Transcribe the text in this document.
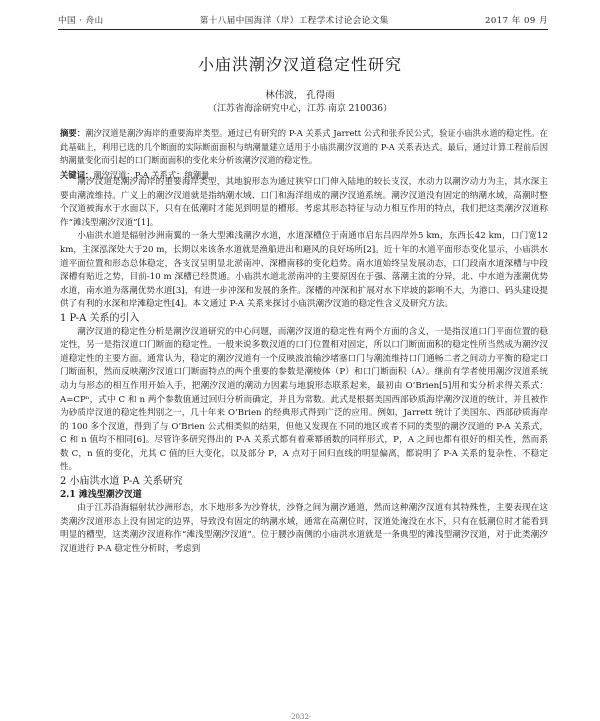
中国 · 舟山	第十八届中国海洋（岸）工程学术讨论会论文集	2017 年 09 月
小庙洪潮汐汊道稳定性研究
林伟波， 孔得雨
（江苏省海涂研究中心，江苏 南京 210036）
摘要：潮汐汊道是潮汐海岸的重要海岸类型。通过已有研究的 P-A 关系式 Jarrett 公式和张乔民公式，验证小庙洪水道的稳定性。在此基础上，利用已选的几个断面的实际断面面积与纳潮量建立适用于小庙洪潮汐汊道的 P-A 关系表达式。最后，通过计算工程前后因纳潮量变化而引起的口门断面面积的变化来分析该潮汐汊道的稳定性。
关键词：潮汐汊道；P-A 关系式；纳潮量

潮汐汊道是潮汐海岸的重要海岸类型，其地貌形态为通过狭窄口门伸入陆地的较长支汊，水动力以潮汐动力为主，其水深主要由潮流维持。广义上的潮汐汊道就是指纳潮水域、口门和海洋组成的潮汐汊道系统。潮汐汊道没有固定的纳潮水域，高潮时整个汊道被海水于水面以下，只有在低潮时才能见到明显的槽形。考虑其形态特征与动力相互作用的特点，我们把这类潮汐汊道称作“滩浅型潮汐汊道”[1]。

小庙洪水道是辐射沙洲南翼的一条大型滩浅潮汐水道，水道深槽位于南通市启东吕四岸外5 km，东西长42 km，口门宽12 km，主深泓深处大于20 m，长期以来该条水道就是渔船进出和避风的良好场所[2]。近十年的水道平面形态变化显示，小庙洪水道平面位置和形态总体稳定，各支汊呈明显北淤南冲、深槽南移的变化趋势。南水道始终呈发展动态，口门段南水道深槽与中段深槽有贴近之势，目前-10 m 深槽已经贯通。小庙洪水道北淤南冲的主要原因在于强、落潮主流的分异，北、中水道为涨潮优势水道，南水道为落潮优势水道[3]，有进一步冲深和发展的条件。深槽的冲深和扩展对水下岸坡的影响不大，为港口、码头建设提供了有利的水深和岸滩稳定性[4]。本文通过 P-A 关系来探讨小庙洪潮汐汊道的稳定性含义及研究方法。

1 P-A 关系的引入

潮汐汊道的稳定性分析是潮汐汊道研究的中心问题，而潮汐汊道的稳定性有两个方面的含义，一是指汊道口门平面位置的稳定性，另一是指汊道口门断面的稳定性。一般来说多数汊道的口门位置相对固定，所以口门断面面积的稳定性所当然成为潮汐汊道稳定性的主要方面。通常认为，稳定的潮汐汊道有一个反映波浪输沙堵塞口门与潮流维持口门通畅二者之间动力平衡的稳定口门断面积，然而反映潮汐汊道口门断面特点的两个重要的参数是潮棱体（P）和口门断面积（A）。继前有学者使用潮汐汊道系统动力与形态的相互作用开始入手，把潮汐汊道的潮动力因素与地貌形态联系起来，最初由 O’Brien[5]用和实分析求得关系式：A=CPⁿ，式中 C 和 n 两个参数值通过回归分析而确定，并且为常数。此式是根据美国西部砂质海岸潮汐汊道的统计，并且被作为砂质岸汊道的稳定性判别之一，几十年来 O’Brien 的经典形式得到广泛的应用。例如，Jarrett 统计了美国东、西部砂质海岸的 100 多个汊道，得到了与 O’Brien 公式相类似的结果，但他又发现在不同的地区或者不同的类型的潮汐汊道的 P-A 关系式，C 和 n 值均不相同[6]。尽管许多研究得出的 P-A 关系式都有着乘幂函数的同样形式，P，A 之间也都有很好的相关性，然而系数 C，n 值的变化，尤其 C 值的巨大变化，以及部分 P，A 点对于回归直线的明显偏离，都说明了 P-A 关系的复杂性、不稳定性。

2 小庙洪水道 P-A 关系研究

2.1 滩浅型潮汐汊道

由于江苏沿海辐射状沙洲形态，水下地形多为沙脊状，沙脊之间为潮汐通道，然而这种潮汐汊道有其特殊性，主要表现在这类潮汐汊道形态上没有固定的边界，导致没有固定的纳潮水域，通常在高潮位时，汊道处淹没在水下，只有在低潮位时才能看到明显的槽型，这类潮汐汊道称作“滩浅型潮汐汊道”。位于腰沙南侧的小庙洪水道就是一条典型的滩浅型潮汐汊道，对于此类潮汐汊道进行 P-A 稳定性分析时，考虑到

·2032·
